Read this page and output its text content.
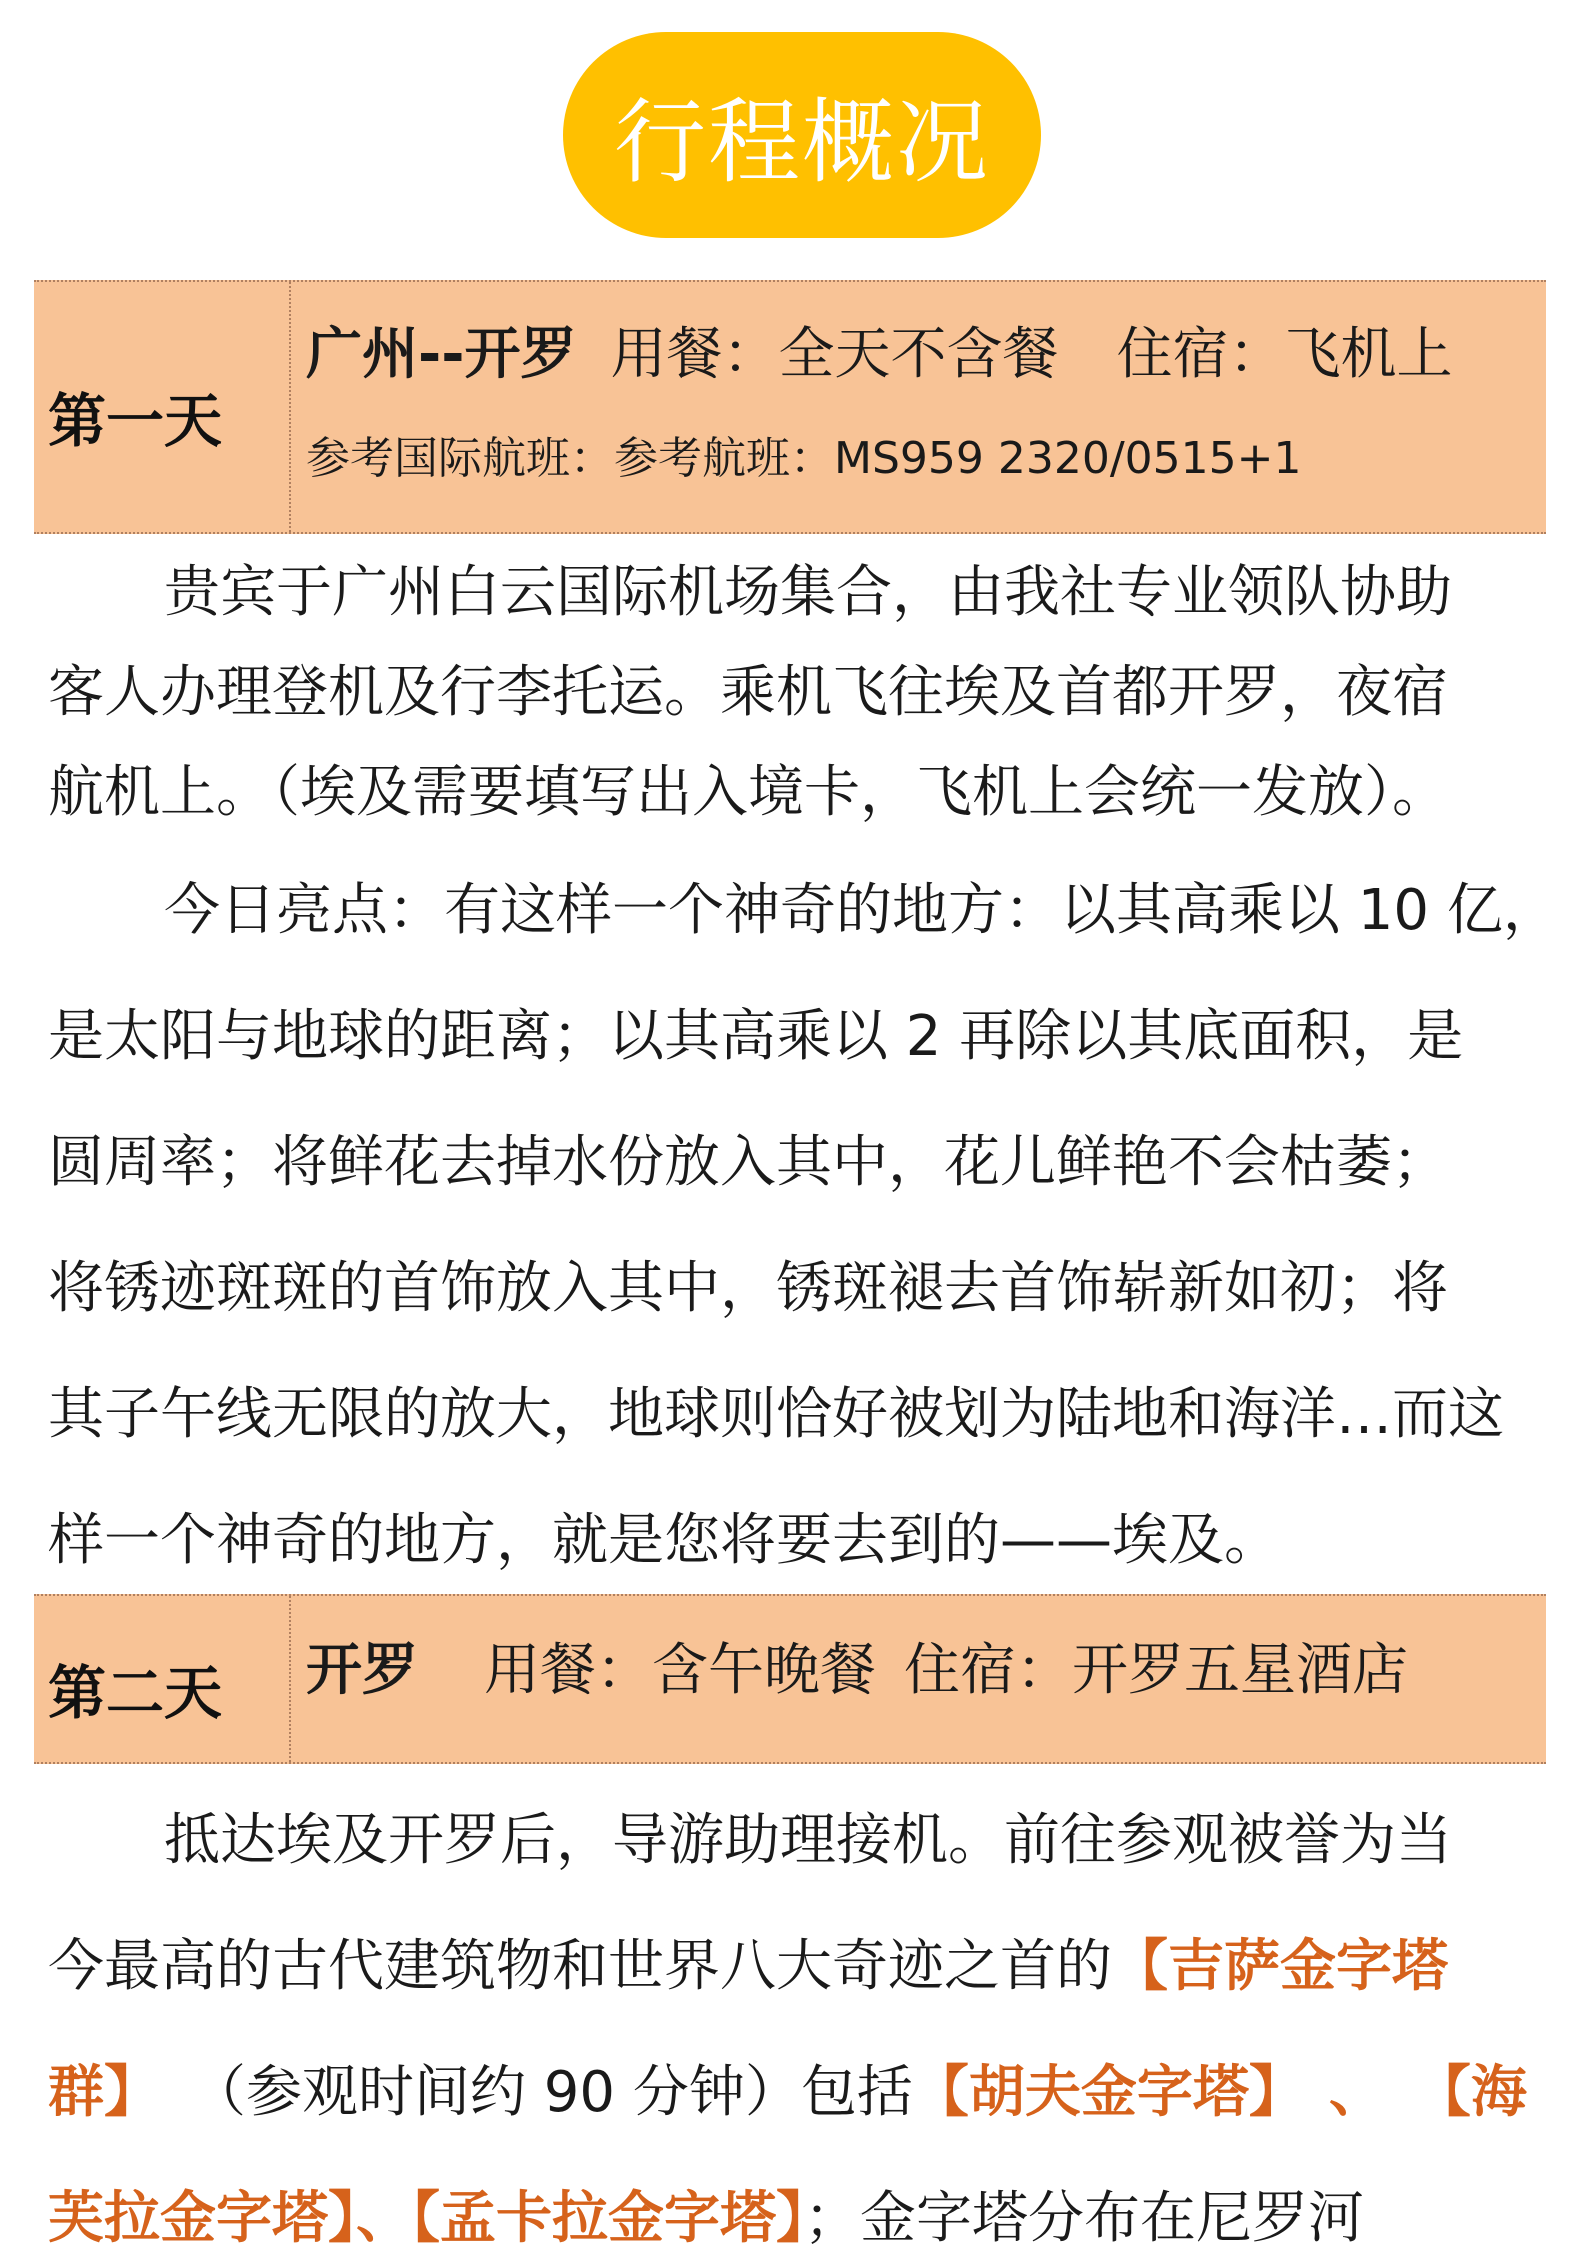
行程概况
第一天
广州--开罗 用餐：全天不含餐 住宿：飞机上
参考国际航班：参考航班：MS959 2320/0515+1
贵宾于广州白云国际机场集合，由我社专业领队协助
客人办理登机及行李托运。乘机飞往埃及首都开罗，夜宿
航机上。（埃及需要填写出入境卡，飞机上会统一发放）。
今日亮点：有这样一个神奇的地方：以其高乘以 10 亿，
是太阳与地球的距离；以其高乘以 2 再除以其底面积，是
圆周率；将鲜花去掉水份放入其中，花儿鲜艳不会枯萎；
将锈迹斑斑的首饰放入其中，锈斑褪去首饰崭新如初；将
其子午线无限的放大，地球则恰好被划为陆地和海洋…而这
样一个神奇的地方，就是您将要去到的——埃及。
第二天 开罗 用餐：含午晚餐 住宿：开罗五星酒店
抵达埃及开罗后，导游助理接机。前往参观被誉为当
今最高的古代建筑物和世界八大奇迹之首的【吉萨金字塔
群】 （参观时间约 90 分钟）包括【胡夫金字塔】 、 【海
芙拉金字塔】、【孟卡拉金字塔】；金字塔分布在尼罗河
